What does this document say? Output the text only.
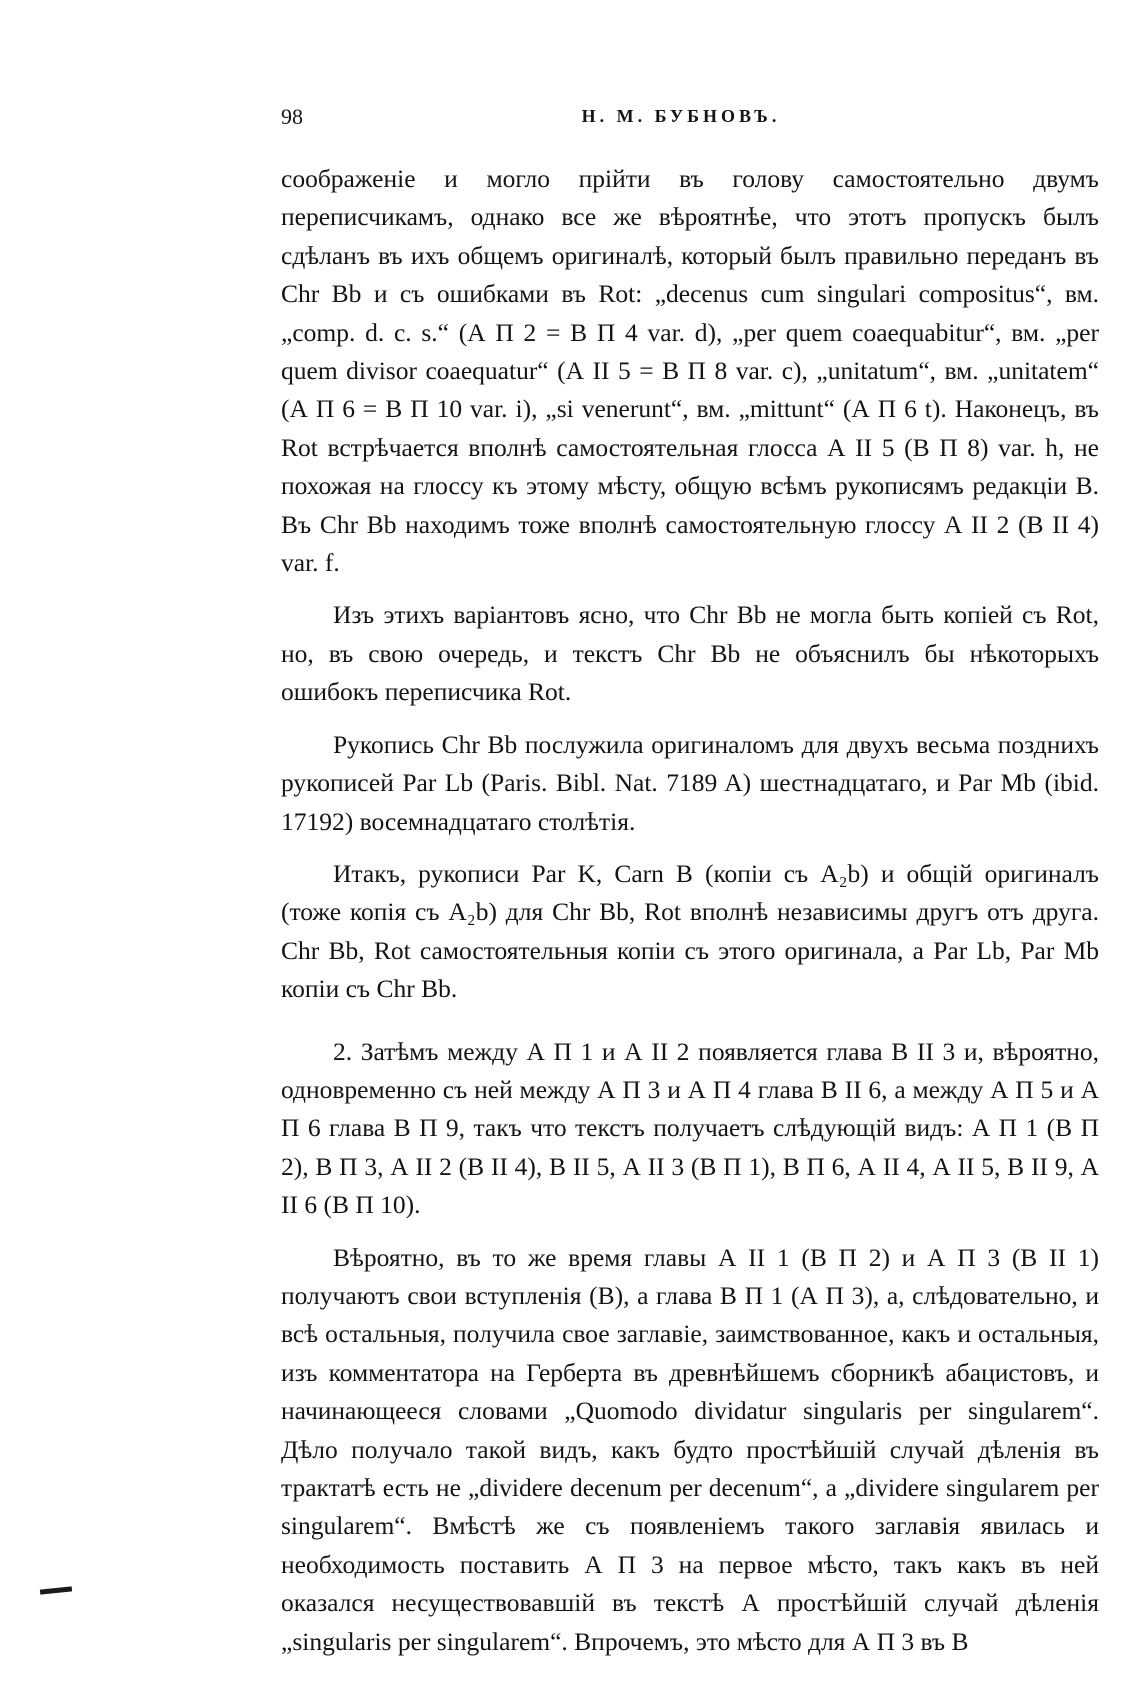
98	Н. М. БУБНОВЪ.

соображеніе и могло прійти въ голову самостоятельно двумъ переписчикамъ, однако все же вѣроятнѣе, что этотъ пропускъ былъ сдѣланъ въ ихъ общемъ оригиналѣ, который былъ правильно переданъ въ Chr Bb и съ ошибками въ Rot: „decenus cum singulari compositus“, вм. „comp. d. c. s.“ (А П 2 = В П 4 var. d), „per quem coaequabitur“, вм. „per quem divisor coaequatur“ (А II 5 = В П 8 var. c), „unitatum“, вм. „unitatem“ (А П 6 = В П 10 var. i), „si venerunt“, вм. „mittunt“ (А П 6 t). Наконецъ, въ Rot встрѣчается вполнѣ самостоятельная глосса А II 5 (В П 8) var. h, не похожая на глоссу къ этому мѣсту, общую всѣмъ рукописямъ редакціи В. Въ Chr Bb находимъ тоже вполнѣ самостоятельную глоссу А II 2 (В II 4) var. f.

Изъ этихъ варіантовъ ясно, что Chr Bb не могла быть копіей съ Rot, но, въ свою очередь, и текстъ Chr Bb не объяснилъ бы нѣкоторыхъ ошибокъ переписчика Rot.

Рукопись Chr Bb послужила оригиналомъ для двухъ весьма позднихъ рукописей Par Lb (Paris. Bibl. Nat. 7189 A) шестнадцатаго, и Par Mb (ibid. 17192) восемнадцатаго столѣтія.

Итакъ, рукописи Par K, Carn B (копіи съ A₂b) и общій оригиналъ (тоже копія съ A₂b) для Chr Bb, Rot вполнѣ независимы другъ отъ друга. Chr Bb, Rot самостоятельныя копіи съ этого оригинала, а Par Lb, Par Mb копіи съ Chr Bb.

2. Затѣмъ между А П 1 и А II 2 появляется глава В II 3 и, вѣроятно, одновременно съ ней между А П 3 и А П 4 глава В II 6, а между А П 5 и А П 6 глава В П 9, такъ что текстъ получаетъ слѣдующій видъ: А П 1 (В П 2), В П 3, А II 2 (В II 4), В II 5, А II 3 (В П 1), В П 6, А II 4, А II 5, В II 9, А II 6 (В П 10).

Вѣроятно, въ то же время главы А II 1 (В П 2) и А П 3 (В II 1) получаютъ свои вступленія (В), а глава В П 1 (А П 3), а, слѣдовательно, и всѣ остальныя, получила свое заглавіе, заимствованное, какъ и остальныя, изъ комментатора на Герберта въ древнѣйшемъ сборникѣ абацистовъ, и начинающееся словами „Quomodo dividatur singularis per singularem“. Дѣло получало такой видъ, какъ будто простѣйшій случай дѣленія въ трактатѣ есть не „dividere decenum per decenum“, а „dividere singularem per singularem“. Вмѣстѣ же съ появленіемъ такого заглавія явилась и необходимость поставить А П 3 на первое мѣсто, такъ какъ въ ней оказался несуществовавшій въ текстѣ А простѣйшій случай дѣленія „singularis per singularem“. Впрочемъ, это мѣсто для А П 3 въ В
